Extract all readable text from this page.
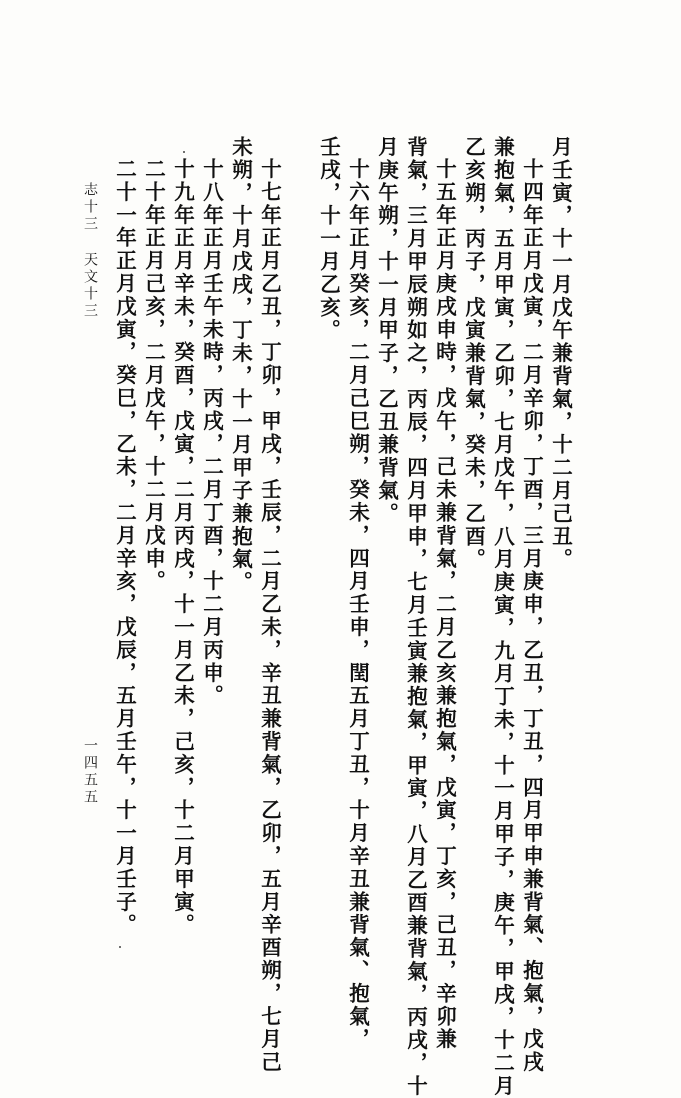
月壬寅，十一月戊午兼背氣，十二月己丑。
十四年正月戊寅，二月辛卯，丁酉，三月庚申，乙丑，丁丑，四月甲申兼背氣、抱氣，戊戌
兼抱氣，五月甲寅，乙卯，七月戊午，八月庚寅，九月丁未，十一月甲子，庚午，甲戌，十二月
乙亥朔，丙子，戊寅兼背氣，癸未，乙酉。
十五年正月庚戌申時，戊午，己未兼背氣，二月乙亥兼抱氣，戊寅，丁亥，己丑，辛卯兼
背氣，三月甲辰朔如之，丙辰，四月甲申，七月壬寅兼抱氣，甲寅，八月乙酉兼背氣，丙戌，十
月庚午朔，十一月甲子，乙丑兼背氣。
十六年正月癸亥，二月己巳朔，癸未，四月壬申，閏五月丁丑，十月辛丑兼背氣、抱氣，
壬戌，十一月乙亥。
十七年正月乙丑，丁卯，甲戌，壬辰，二月乙未，辛丑兼背氣，乙卯，五月辛酉朔，七月己
未朔，十月戊戌，丁未，十一月甲子兼抱氣。
十八年正月壬午未時，丙戌，二月丁酉，十二月丙申。
十九年正月辛未，癸酉，戊寅，二月丙戌，十一月乙未，己亥，十二月甲寅。
二十年正月己亥，二月戊午，十二月戊申。
二十一年正月戊寅，癸巳，乙未，二月辛亥，戊辰，五月壬午，十一月壬子。
志十三
天文十三
一四五五
